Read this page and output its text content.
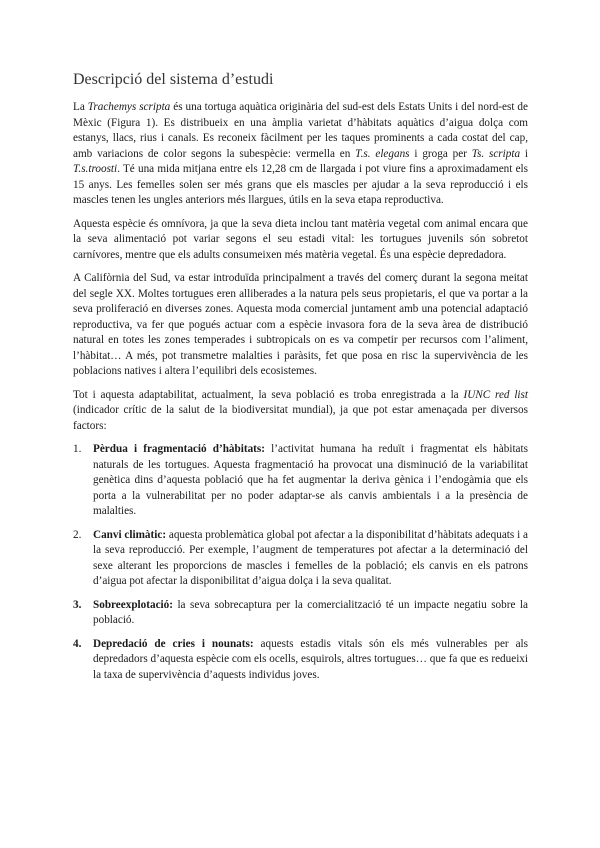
Descripció del sistema d’estudi

La Trachemys scripta és una tortuga aquàtica originària del sud-est dels Estats Units i del nord-est de Mèxic (Figura 1). Es distribueix en una àmplia varietat d’hàbitats aquàtics d’aigua dolça com estanys, llacs, rius i canals. Es reconeix fàcilment per les taques prominents a cada costat del cap, amb variacions de color segons la subespècie: vermella en T.s. elegans i groga per Ts. scripta i T.s.troosti. Té una mida mitjana entre els 12,28 cm de llargada i pot viure fins a aproximadament els 15 anys. Les femelles solen ser més grans que els mascles per ajudar a la seva reproducció i els mascles tenen les ungles anteriors més llargues, útils en la seva etapa reproductiva.

Aquesta espècie és omnívora, ja que la seva dieta inclou tant matèria vegetal com animal encara que la seva alimentació pot variar segons el seu estadi vital: les tortugues juvenils són sobretot carnívores, mentre que els adults consumeixen més matèria vegetal. És una espècie depredadora.

A Califòrnia del Sud, va estar introduïda principalment a través del comerç durant la segona meitat del segle XX. Moltes tortugues eren alliberades a la natura pels seus propietaris, el que va portar a la seva proliferació en diverses zones. Aquesta moda comercial juntament amb una potencial adaptació reproductiva, va fer que pogués actuar com a espècie invasora fora de la seva àrea de distribució natural en totes les zones temperades i subtropicals on es va competir per recursos com l’aliment, l’hàbitat… A més, pot transmetre malalties i paràsits, fet que posa en risc la supervivència de les poblacions natives i altera l’equilibri dels ecosistemes.

Tot i aquesta adaptabilitat, actualment, la seva població es troba enregistrada a la IUNC red list (indicador crític de la salut de la biodiversitat mundial), ja que pot estar amenaçada per diversos factors:

1.	Pèrdua i fragmentació d’hàbitats: l’activitat humana ha reduït i fragmentat els hàbitats naturals de les tortugues. Aquesta fragmentació ha provocat una disminució de la variabilitat genètica dins d’aquesta població que ha fet augmentar la deriva gènica i l’endogàmia que els porta a la vulnerabilitat per no poder adaptar-se als canvis ambientals i a la presència de malalties.
2.	Canvi climàtic: aquesta problemàtica global pot afectar a la disponibilitat d’hàbitats adequats i a la seva reproducció. Per exemple, l’augment de temperatures pot afectar a la determinació del sexe alterant les proporcions de mascles i femelles de la població; els canvis en els patrons d’aigua pot afectar la disponibilitat d’aigua dolça i la seva qualitat.
3.	Sobreexplotació: la seva sobrecaptura per la comercialització té un impacte negatiu sobre la població.
4.	Depredació de cries i nounats: aquests estadis vitals són els més vulnerables per als depredadors d’aquesta espècie com els ocells, esquirols, altres tortugues… que fa que es redueixi la taxa de supervivència d’aquests individus joves.
